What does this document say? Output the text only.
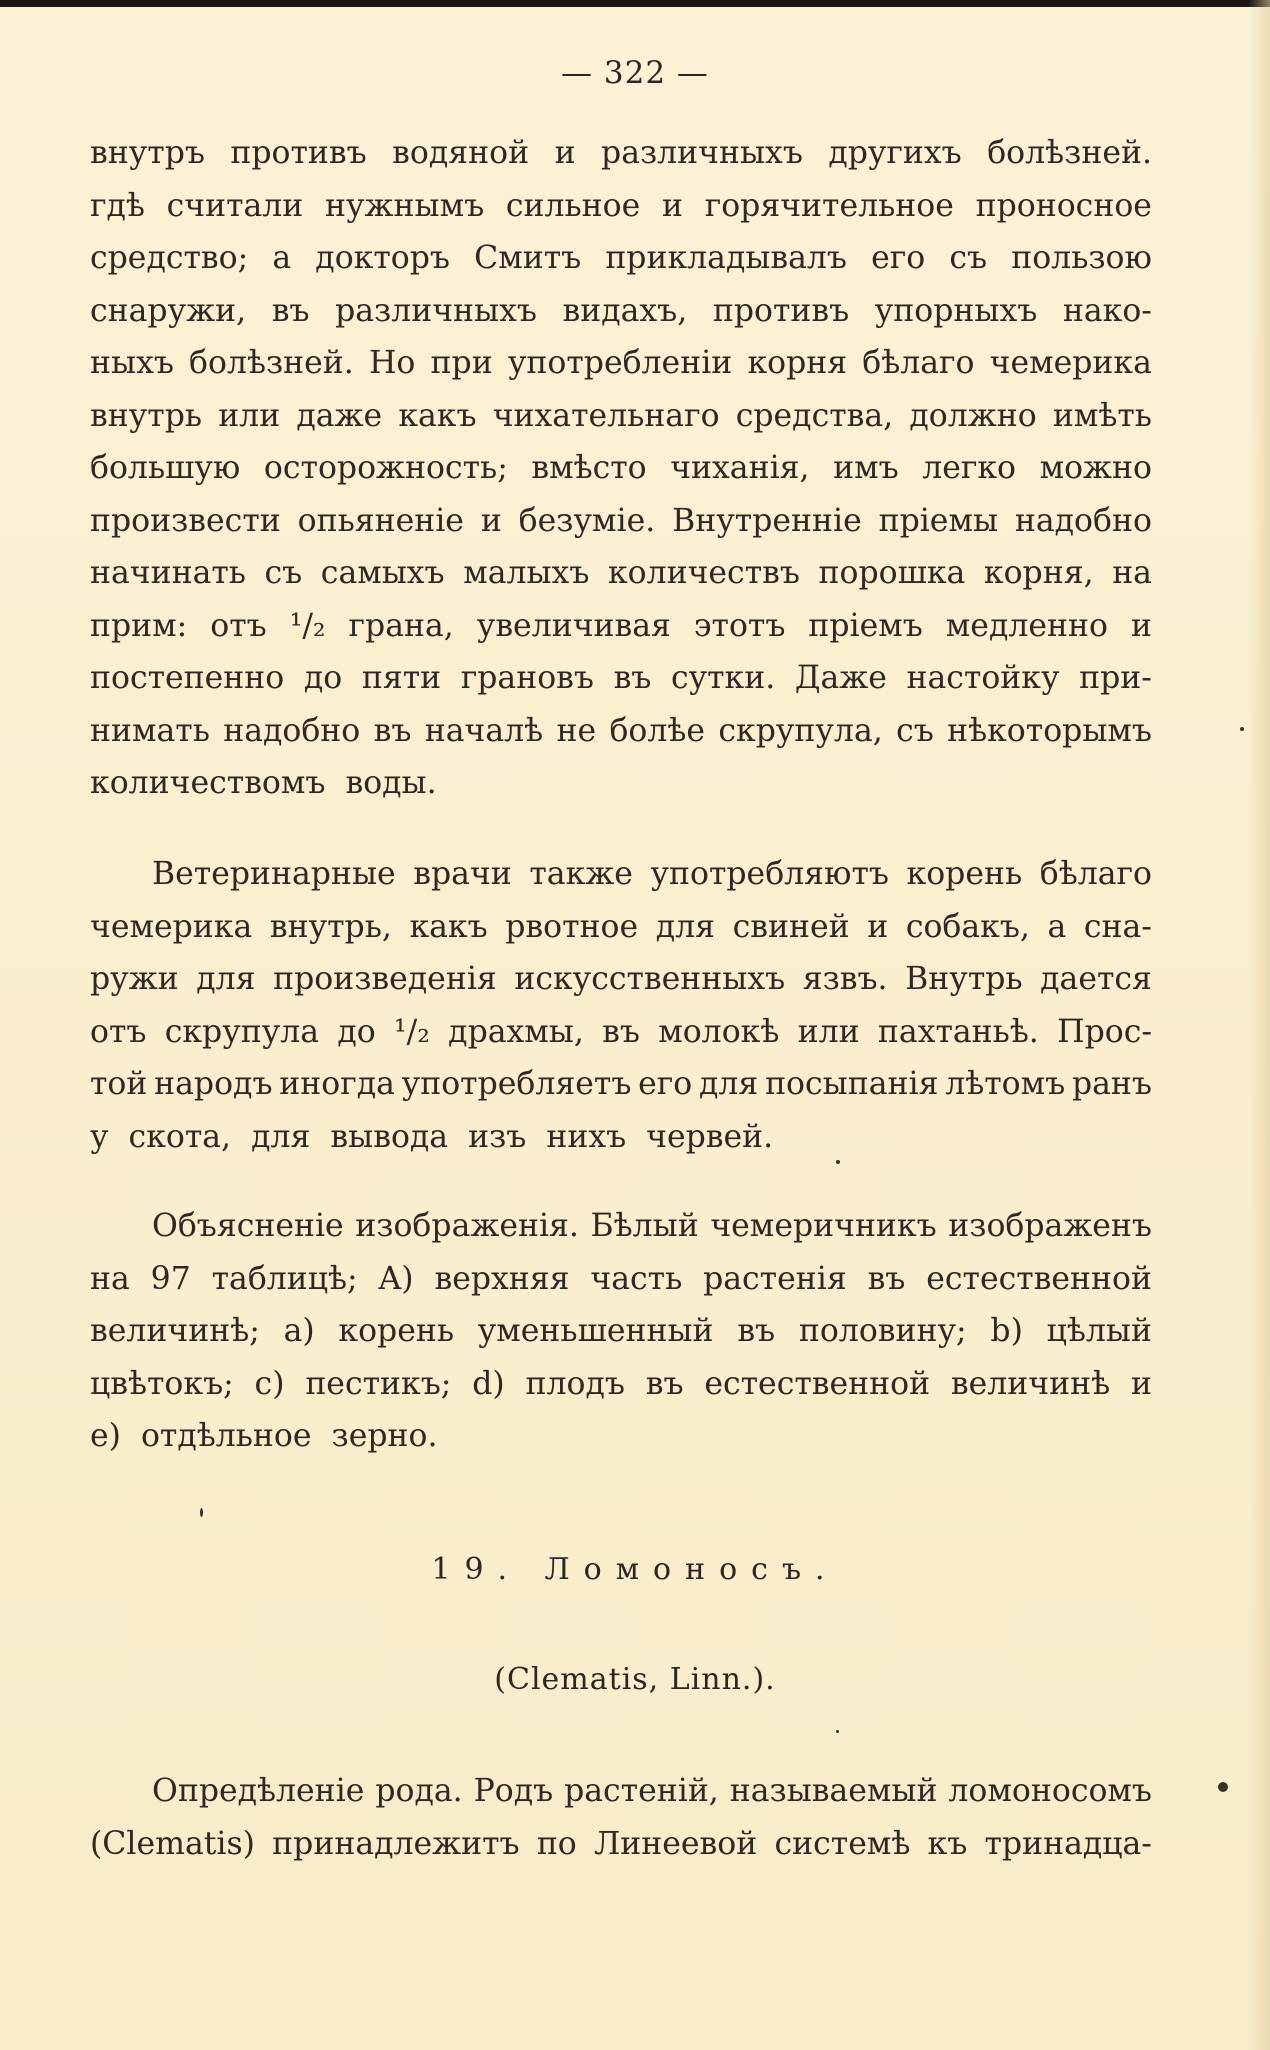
— 322 —
внутръ противъ водяной и различныхъ другихъ болѣзней.
гдѣ считали нужнымъ сильное и горячительное проносное
средство; а докторъ Смитъ прикладывалъ его съ пользою
снаружи, въ различныхъ видахъ, противъ упорныхъ нако-
ныхъ болѣзней. Но при употребленіи корня бѣлаго чемерика
внутрь или даже какъ чихательнаго средства, должно имѣть
большую осторожность; вмѣсто чиханія, имъ легко можно
произвести опьяненіе и безуміе. Внутренніе пріемы надобно
начинать съ самыхъ малыхъ количествъ порошка корня, на
прим: отъ ¹/₂ грана, увеличивая этотъ пріемъ медленно и
постепенно до пяти грановъ въ сутки. Даже настойку при-
нимать надобно въ началѣ не болѣе скрупула, съ нѣкоторымъ
количествомъ  воды.
Ветеринарные врачи также употребляютъ корень бѣлаго
чемерика внутрь, какъ рвотное для свиней и собакъ, а сна-
ружи для произведенія искусственныхъ язвъ. Внутрь дается
отъ скрупула до ¹/₂ драхмы, въ молокѣ или пахтаньѣ. Прос-
той народъ иногда употребляетъ его для посыпанія лѣтомъ ранъ
у  скота,  для  вывода  изъ  нихъ  червей.
Объясненіе изображенія. Бѣлый чемеричникъ изображенъ
на 97 таблицѣ; A) верхняя часть растенія въ естественной
величинѣ; a) корень уменьшенный въ половину; b) цѣлый
цвѣтокъ; c) пестикъ; d) плодъ въ естественной величинѣ и
e)  отдѣльное  зерно.
19. Ломоносъ.
(Clematis, Linn.).
Опредѣленіе рода. Родъ растеній, называемый ломоносомъ
(Clematis) принадлежитъ по Линеевой системѣ къ тринадца-
